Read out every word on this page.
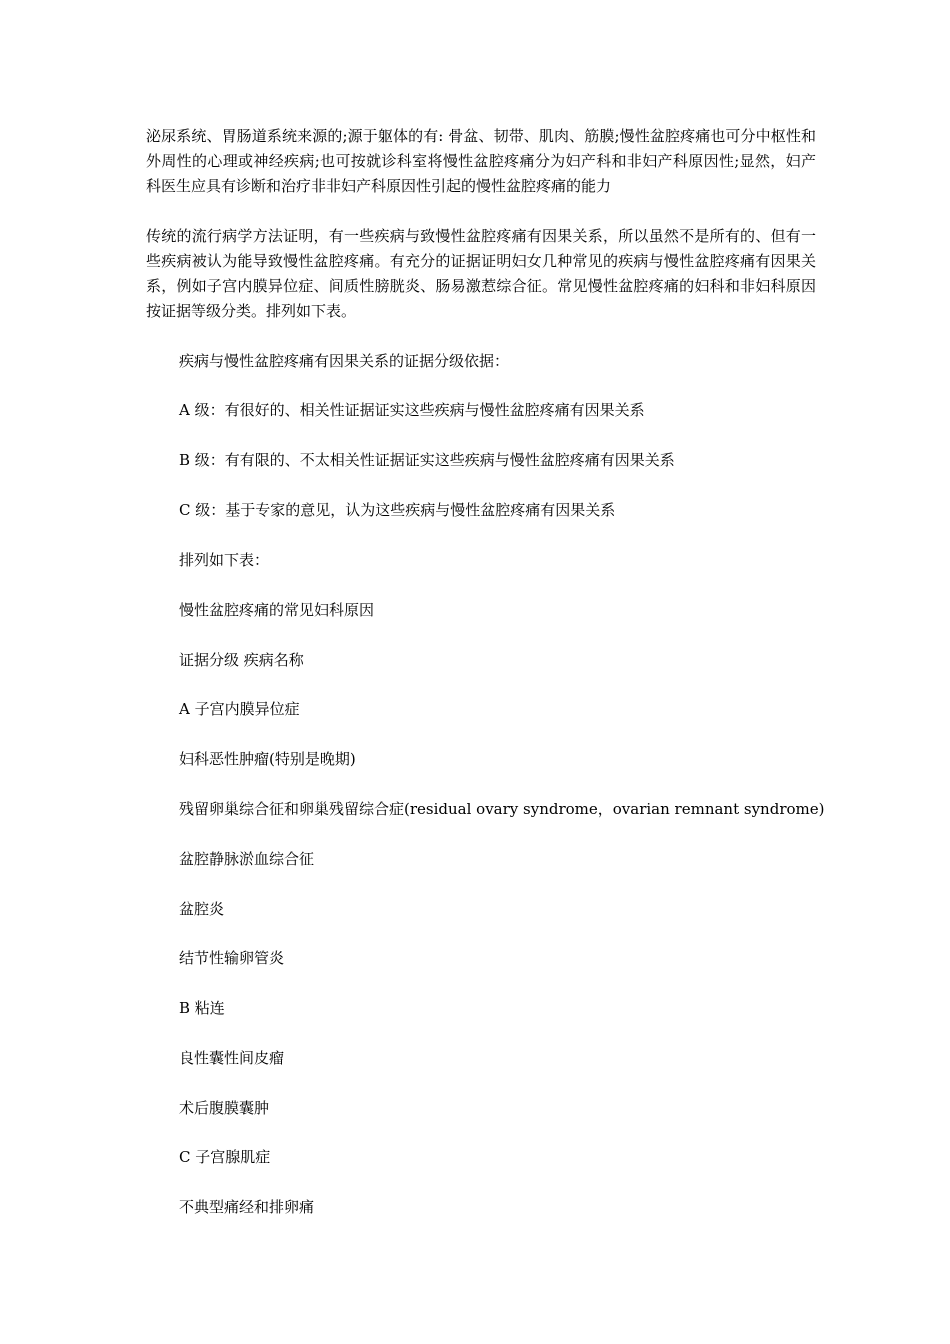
泌尿系统、胃肠道系统来源的;源于躯体的有: 骨盆、韧带、肌肉、筋膜;慢性盆腔疼痛也可分中枢性和外周性的心理或神经疾病;也可按就诊科室将慢性盆腔疼痛分为妇产科和非妇产科原因性;显然，妇产科医生应具有诊断和治疗非非妇产科原因性引起的慢性盆腔疼痛的能力

传统的流行病学方法证明，有一些疾病与致慢性盆腔疼痛有因果关系，所以虽然不是所有的、但有一些疾病被认为能导致慢性盆腔疼痛。有充分的证据证明妇女几种常见的疾病与慢性盆腔疼痛有因果关系，例如子宫内膜异位症、间质性膀胱炎、肠易激惹综合征。常见慢性盆腔疼痛的妇科和非妇科原因按证据等级分类。排列如下表。

疾病与慢性盆腔疼痛有因果关系的证据分级依据：

A 级：有很好的、相关性证据证实这些疾病与慢性盆腔疼痛有因果关系

B 级：有有限的、不太相关性证据证实这些疾病与慢性盆腔疼痛有因果关系

C 级：基于专家的意见，认为这些疾病与慢性盆腔疼痛有因果关系

排列如下表：

慢性盆腔疼痛的常见妇科原因

证据分级 疾病名称

A 子宫内膜异位症

妇科恶性肿瘤(特别是晚期)

残留卵巢综合征和卵巢残留综合症(residual ovary syndrome，ovarian remnant syndrome)

盆腔静脉淤血综合征

盆腔炎

结节性输卵管炎

B 粘连

良性囊性间皮瘤

术后腹膜囊肿

C 子宫腺肌症

不典型痛经和排卵痛
